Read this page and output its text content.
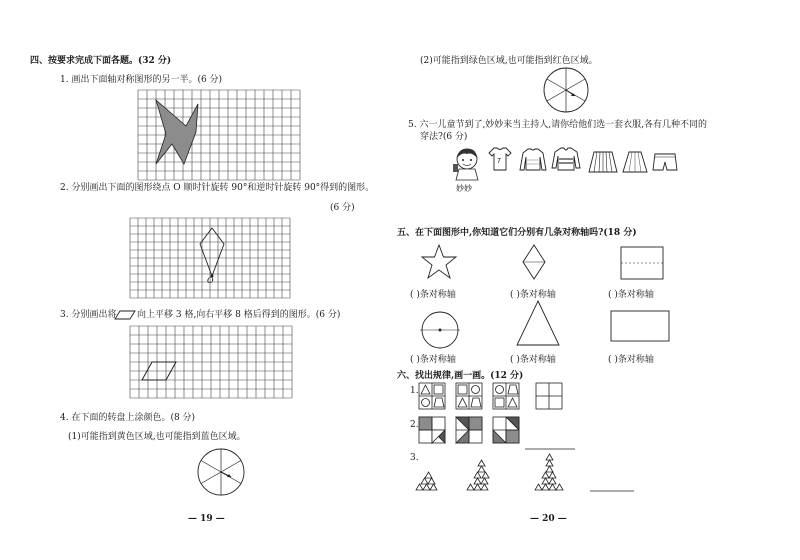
四、按要求完成下面各题。(32 分)
1. 画出下面轴对称图形的另一半。(6 分)
2. 分别画出下面的图形绕点 O 顺时针旋转 90°和逆时针旋转 90°得到的图形。
(6 分)
O
3. 分别画出将 向上平移 3 格,向右平移 8 格后得到的图形。(6 分)
4. 在下面的转盘上涂颜色。(8 分)
(1)可能指到黄色区域,也可能指到蓝色区域。
— 19 —
(2)可能指到绿色区域,也可能指到红色区域。
5. 六一儿童节到了,妙妙来当主持人,请你给他们选一套衣服,各有几种不同的
穿法?(6 分)
妙妙
7
五、在下面图形中,你知道它们分别有几条对称轴吗?(18 分)
( )条对称轴	( )条对称轴	( )条对称轴
( )条对称轴	( )条对称轴	( )条对称轴
六、找出规律,画一画。(12 分)
1.
2.
3.
— 20 —
